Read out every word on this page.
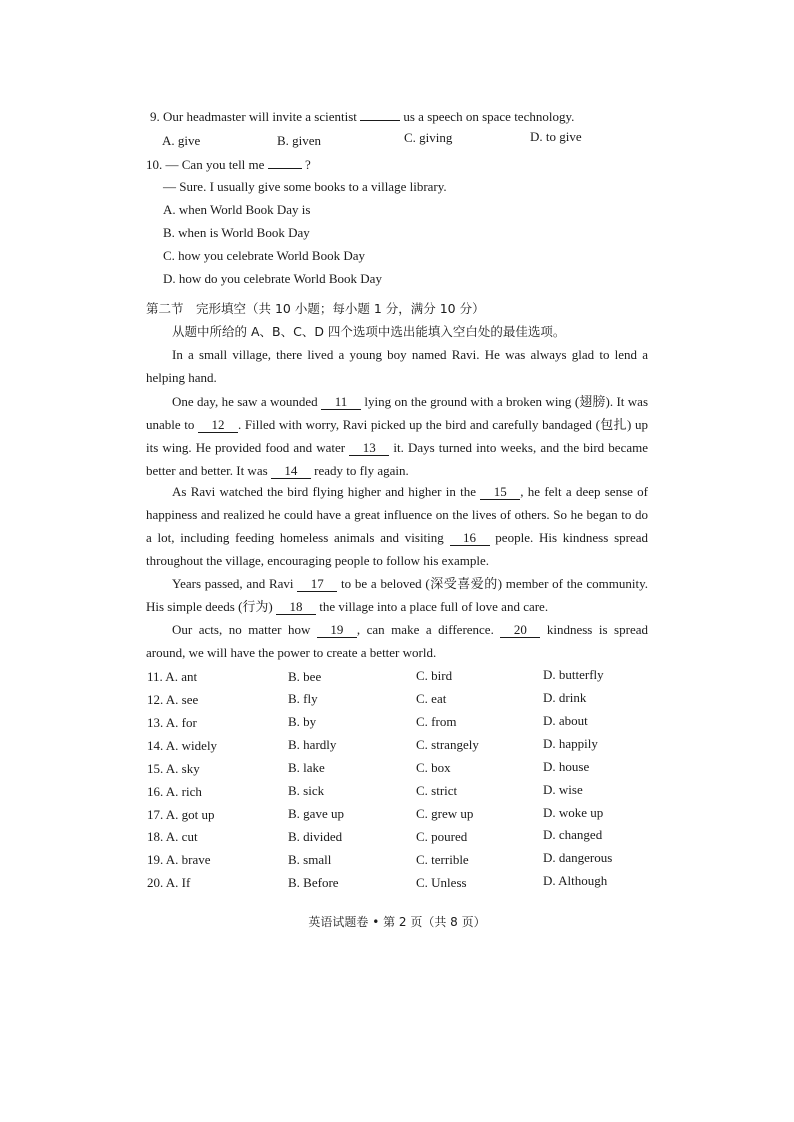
9. Our headmaster will invite a scientist	us a speech on space technology.
A. give	B. given	C. giving	D. to give
10. — Can you tell me	?
— Sure. I usually give some books to a village library.
A. when World Book Day is
B. when is World Book Day
C. how you celebrate World Book Day
D. how do you celebrate World Book Day
第二节　完形填空（共 10 小题；每小题 1 分，满分 10 分）
从题中所给的 A、B、C、D 四个选项中选出能填入空白处的最佳选项。
In a small village, there lived a young boy named Ravi. He was always glad to lend a helping hand.
One day, he saw a wounded 11 lying on the ground with a broken wing (翅膀). It was unable to 12 . Filled with worry, Ravi picked up the bird and carefully bandaged (包扎) up its wing. He provided food and water 13 it. Days turned into weeks, and the bird became better and better. It was 14 ready to fly again.
As Ravi watched the bird flying higher and higher in the 15 , he felt a deep sense of happiness and realized he could have a great influence on the lives of others. So he began to do a lot, including feeding homeless animals and visiting 16 people. His kindness spread throughout the village, encouraging people to follow his example.
Years passed, and Ravi 17 to be a beloved (深受喜爱的) member of the community. His simple deeds (行为) 18 the village into a place full of love and care.
Our acts, no matter how 19 , can make a difference. 20 kindness is spread around, we will have the power to create a better world.
11. A. ant	B. bee	C. bird	D. butterfly
12. A. see	B. fly	C. eat	D. drink
13. A. for	B. by	C. from	D. about
14. A. widely	B. hardly	C. strangely	D. happily
15. A. sky	B. lake	C. box	D. house
16. A. rich	B. sick	C. strict	D. wise
17. A. got up	B. gave up	C. grew up	D. woke up
18. A. cut	B. divided	C. poured	D. changed
19. A. brave	B. small	C. terrible	D. dangerous
20. A. If	B. Before	C. Unless	D. Although
英语试题卷 • 第 2 页（共 8 页）
